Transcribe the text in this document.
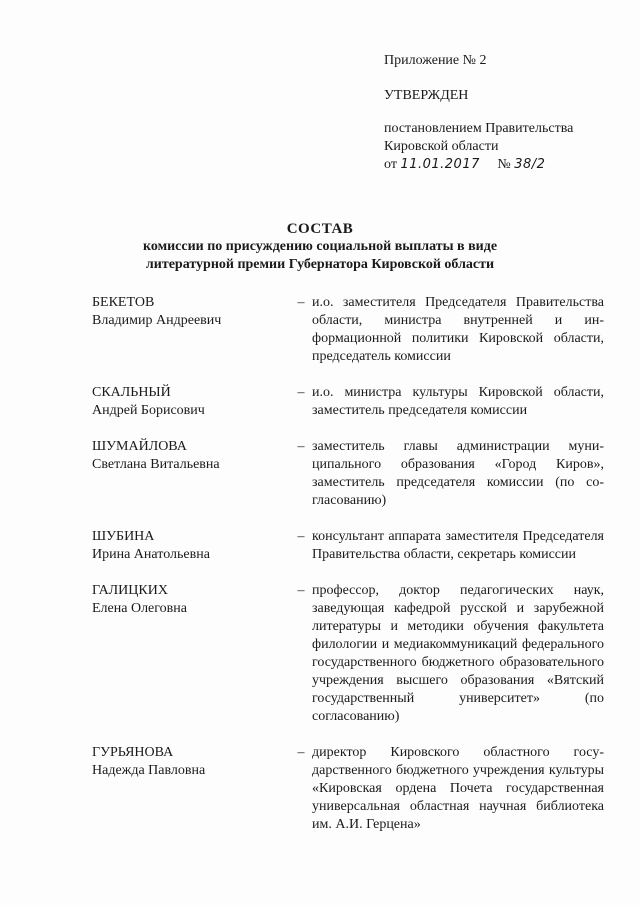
Приложение № 2
УТВЕРЖДЕН
постановлением Правительства
Кировской области
от 11.01.2017 № 38/2
СОСТАВ
комиссии по присуждению социальной выплаты в виде
литературной премии Губернатора Кировской области
БЕКЕТОВ
Владимир Андреевич
– и.о. заместителя Председателя Правительства области, министра внутренней и информационной политики Кировской области, председатель комиссии
СКАЛЬНЫЙ
Андрей Борисович
– и.о. министра культуры Кировской области, заместитель председателя комиссии
ШУМАЙЛОВА
Светлана Витальевна
– заместитель главы администрации муниципального образования «Город Киров», заместитель председателя комиссии (по согласованию)
ШУБИНА
Ирина Анатольевна
– консультант аппарата заместителя Председателя Правительства области, секретарь комиссии
ГАЛИЦКИХ
Елена Олеговна
– профессор, доктор педагогических наук, заведующая кафедрой русской и зарубежной литературы и методики обучения факультета филологии и медиакоммуникаций федерального государственного бюджетного образовательного учреждения высшего образования «Вятский государственный университет» (по согласованию)
ГУРЬЯНОВА
Надежда Павловна
– директор Кировского областного государственного бюджетного учреждения культуры «Кировская ордена Почета государственная универсальная областная научная библиотека им. А.И. Герцена»
